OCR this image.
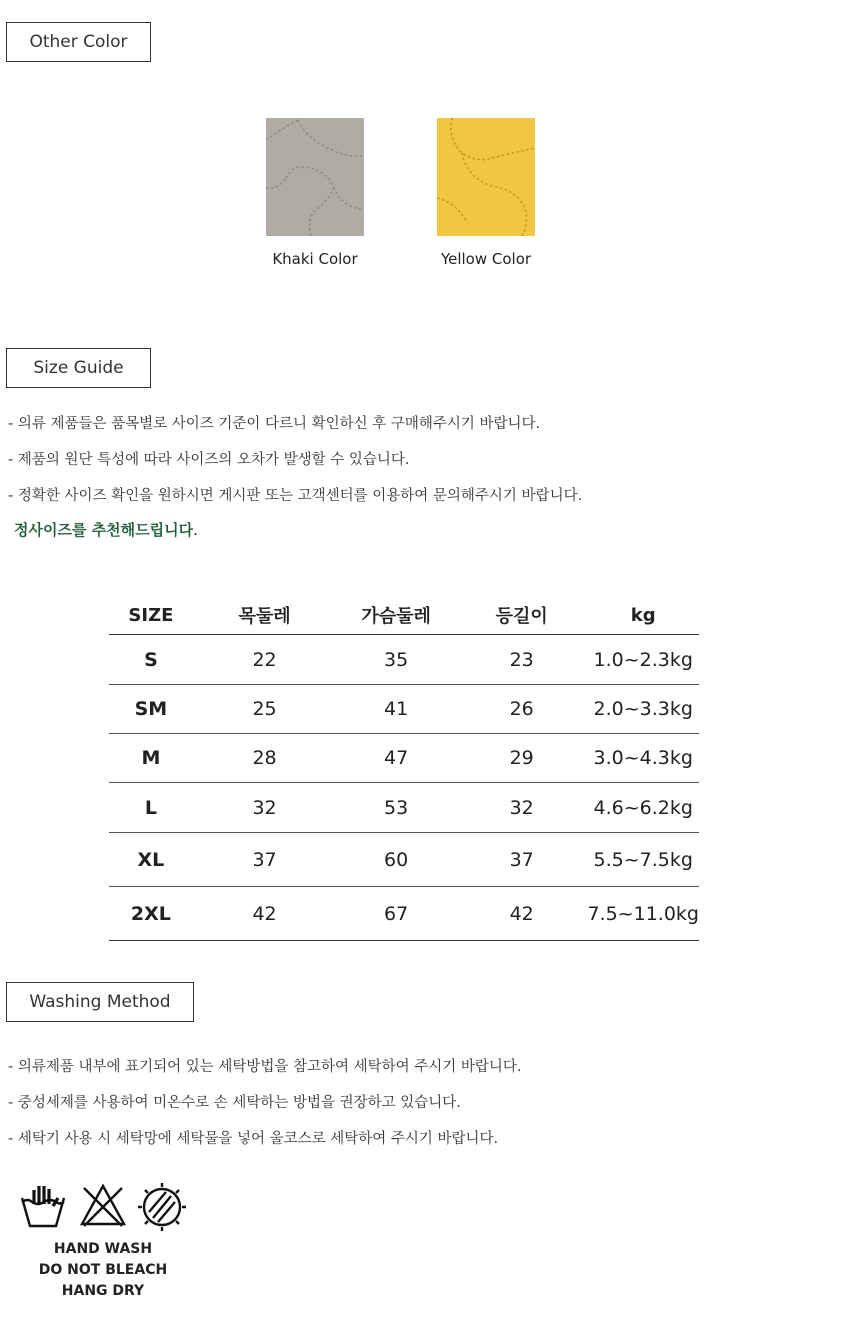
Other Color
Khaki Color	Yellow Color
Size Guide
- 의류 제품들은 품목별로 사이즈 기준이 다르니 확인하신 후 구매해주시기 바랍니다.
- 제품의 원단 특성에 따라 사이즈의 오차가 발생할 수 있습니다.
- 정확한 사이즈 확인을 원하시면 게시판 또는 고객센터를 이용하여 문의해주시기 바랍니다.
정사이즈를 추천해드립니다.
SIZE	목둘레	가슴둘레	등길이	kg
S	22	35	23	1.0~2.3kg
SM	25	41	26	2.0~3.3kg
M	28	47	29	3.0~4.3kg
L	32	53	32	4.6~6.2kg
XL	37	60	37	5.5~7.5kg
2XL	42	67	42	7.5~11.0kg
Washing Method
- 의류제품 내부에 표기되어 있는 세탁방법을 참고하여 세탁하여 주시기 바랍니다.
- 중성세제를 사용하여 미온수로 손 세탁하는 방법을 권장하고 있습니다.
- 세탁기 사용 시 세탁망에 세탁물을 넣어 울코스로 세탁하여 주시기 바랍니다.
HAND WASH
DO NOT BLEACH
HANG DRY
